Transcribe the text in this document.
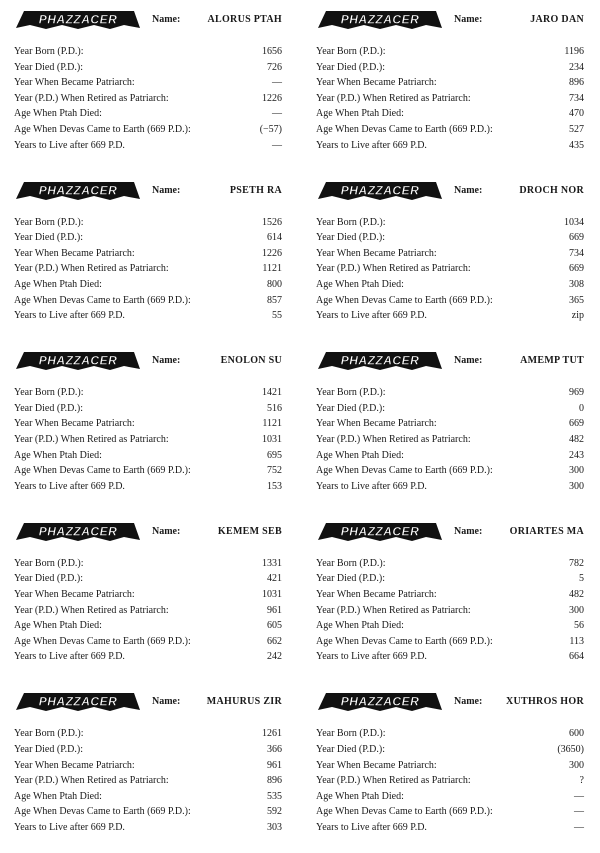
PHAZZACER	Name:	ALORUS PTAH
Year Born (P.D.):	1656
Year Died (P.D.):	726
Year When Became Patriarch:	—
Year (P.D.) When Retired as Patriarch:	1226
Age When Ptah Died:	—
Age When Devas Came to Earth (669 P.D.):	(−57)
Years to Live after 669 P.D.	—
PHAZZACER	Name:	JARO DAN
Year Born (P.D.):	1196
Year Died (P.D.):	234
Year When Became Patriarch:	896
Year (P.D.) When Retired as Patriarch:	734
Age When Ptah Died:	470
Age When Devas Came to Earth (669 P.D.):	527
Years to Live after 669 P.D.	435
PHAZZACER	Name:	PSETH RA
Year Born (P.D.):	1526
Year Died (P.D.):	614
Year When Became Patriarch:	1226
Year (P.D.) When Retired as Patriarch:	1121
Age When Ptah Died:	800
Age When Devas Came to Earth (669 P.D.):	857
Years to Live after 669 P.D.	55
PHAZZACER	Name:	DROCH NOR
Year Born (P.D.):	1034
Year Died (P.D.):	669
Year When Became Patriarch:	734
Year (P.D.) When Retired as Patriarch:	669
Age When Ptah Died:	308
Age When Devas Came to Earth (669 P.D.):	365
Years to Live after 669 P.D.	zip
PHAZZACER	Name:	ENOLON SU
Year Born (P.D.):	1421
Year Died (P.D.):	516
Year When Became Patriarch:	1121
Year (P.D.) When Retired as Patriarch:	1031
Age When Ptah Died:	695
Age When Devas Came to Earth (669 P.D.):	752
Years to Live after 669 P.D.	153
PHAZZACER	Name:	AMEMP TUT
Year Born (P.D.):	969
Year Died (P.D.):	0
Year When Became Patriarch:	669
Year (P.D.) When Retired as Patriarch:	482
Age When Ptah Died:	243
Age When Devas Came to Earth (669 P.D.):	300
Years to Live after 669 P.D.	300
PHAZZACER	Name:	KEMEM SEB
Year Born (P.D.):	1331
Year Died (P.D.):	421
Year When Became Patriarch:	1031
Year (P.D.) When Retired as Patriarch:	961
Age When Ptah Died:	605
Age When Devas Came to Earth (669 P.D.):	662
Years to Live after 669 P.D.	242
PHAZZACER	Name:	ORIARTES MA
Year Born (P.D.):	782
Year Died (P.D.):	5
Year When Became Patriarch:	482
Year (P.D.) When Retired as Patriarch:	300
Age When Ptah Died:	56
Age When Devas Came to Earth (669 P.D.):	113
Years to Live after 669 P.D.	664
PHAZZACER	Name:	MAHURUS ZIR
Year Born (P.D.):	1261
Year Died (P.D.):	366
Year When Became Patriarch:	961
Year (P.D.) When Retired as Patriarch:	896
Age When Ptah Died:	535
Age When Devas Came to Earth (669 P.D.):	592
Years to Live after 669 P.D.	303
PHAZZACER	Name: XUTHROS HOR
Year Born (P.D.):	600
Year Died (P.D.):	(3650)
Year When Became Patriarch:	300
Year (P.D.) When Retired as Patriarch:	?
Age When Ptah Died:	—
Age When Devas Came to Earth (669 P.D.):	—
Years to Live after 669 P.D.	—
